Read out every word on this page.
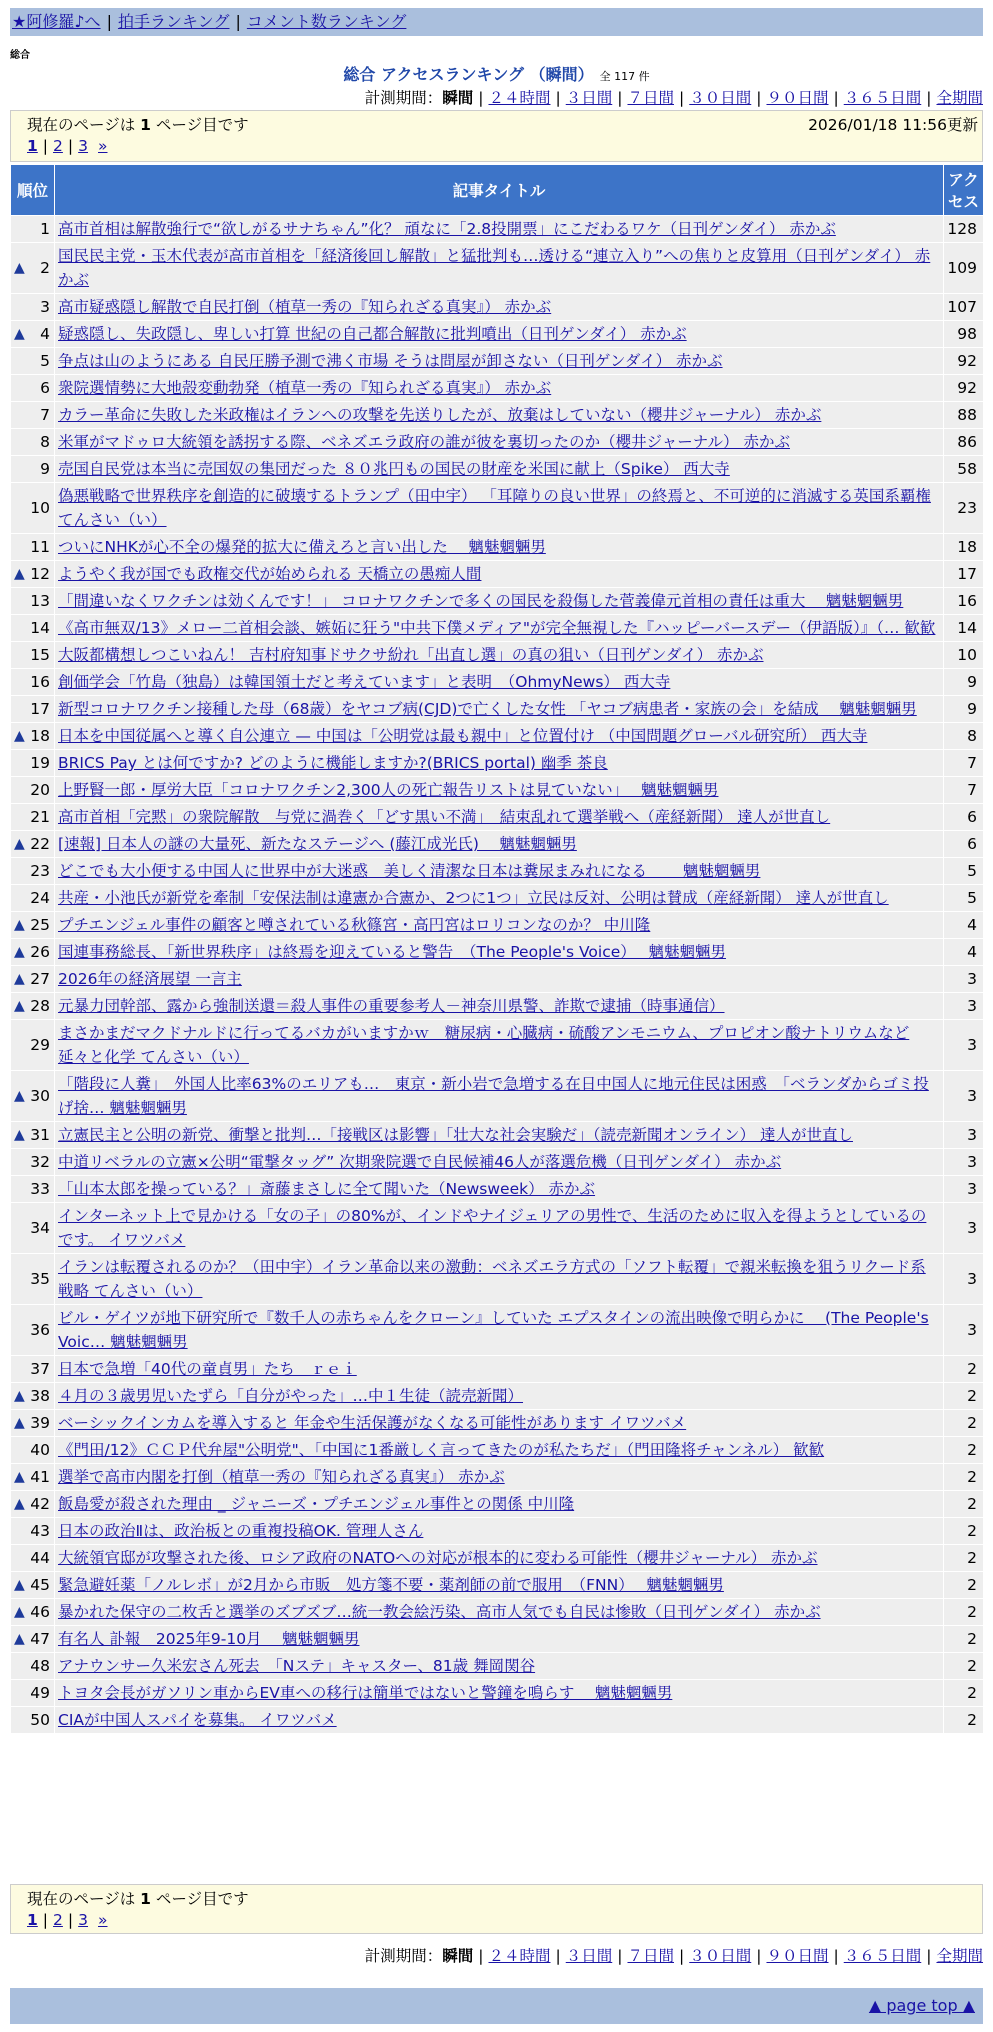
★阿修羅♪へ | 拍手ランキング | コメント数ランキング
総合
総合 アクセスランキング （瞬間） 全 117 件
計測期間：瞬間 | ２４時間 | ３日間 | ７日間 | ３０日間 | ９０日間 | ３６５日間 | 全期間
現在のページは 1 ページ目です	2026/01/18 11:56更新
1 | 2 | 3 »
順位	記事タイトル	アクセス
1	高市首相は解散強行で“欲しがるサナちゃん”化？ 頑なに「2.8投開票」にこだわるワケ（日刊ゲンダイ） 赤かぶ	128

▲ 2	国民民主党・玉木代表が高市首相を「経済後回し解散」と猛批判も…透ける“連立入り”への焦りと皮算用（日刊ゲンダイ） 赤かぶ	109
3	高市疑惑隠し解散で自民打倒（植草一秀の『知られざる真実』） 赤かぶ	107

▲ 4	疑惑隠し、失政隠し、卑しい打算 世紀の自己都合解散に批判噴出（日刊ゲンダイ） 赤かぶ	98
5	争点は山のようにある 自民圧勝予測で沸く市場 そうは問屋が卸さない（日刊ゲンダイ） 赤かぶ	92
6	衆院選情勢に大地殻変動勃発（植草一秀の『知られざる真実』） 赤かぶ	92
7	カラー革命に失敗した米政権はイランへの攻撃を先送りしたが、放棄はしていない（櫻井ジャーナル） 赤かぶ	88
8	米軍がマドゥロ大統領を誘拐する際、ベネズエラ政府の誰が彼を裏切ったのか（櫻井ジャーナル） 赤かぶ	86
9	売国自民党は本当に売国奴の集団だった ８０兆円もの国民の財産を米国に献上（Spike） 西大寺	58
10	偽悪戦略で世界秩序を創造的に破壊するトランプ（田中宇） 「耳障りの良い世界」の終焉と、不可逆的に消滅する英国系覇権 てんさい（い）	23
11	ついにNHKが心不全の爆発的拡大に備えろと言い出した　 魑魅魍魎男	18

▲ 12	ようやく我が国でも政権交代が始められる 天橋立の愚痴人間	17
13	「間違いなくワクチンは効くんです！」 コロナワクチンで多くの国民を殺傷した菅義偉元首相の責任は重大　 魑魅魍魎男	16
14	《高市無双/13》メロー二首相会談、嫉妬に狂う"中共下僕メディア"が完全無視した『ハッピーバースデー（伊語版）』（… 歓歓	14
15	大阪都構想しつこいねん！ 吉村府知事ドサクサ紛れ「出直し選」の真の狙い（日刊ゲンダイ） 赤かぶ	10
16	創価学会「竹島（独島）は韓国領土だと考えています」と表明　（OhmyNews） 西大寺	9
17	新型コロナワクチン接種した母（68歳）をヤコブ病(CJD)で亡くした女性 「ヤコブ病患者・家族の会」を結成　 魑魅魍魎男	9

▲ 18	日本を中国従属へと導く自公連立 — 中国は「公明党は最も親中」と位置付け （中国問題グローバル研究所） 西大寺	8
19	BRICS Pay とは何ですか? どのように機能しますか?(BRICS portal) 幽季 茶良	7
20	上野賢一郎・厚労大臣「コロナワクチン2,300人の死亡報告リストは見ていない」　 魑魅魍魎男	7
21	高市首相「完黙」の衆院解散　与党に渦巻く「どす黒い不満」　結束乱れて選挙戦へ（産経新聞） 達人が世直し	6

▲ 22	[速報] 日本人の謎の大量死、新たなステージへ (藤江成光氏)　 魑魅魍魎男	6
23	どこでも大小便する中国人に世界中が大迷惑　美しく清潔な日本は糞尿まみれになる　　 魑魅魍魎男	5
24	共産・小池氏が新党を牽制「安保法制は違憲か合憲か、2つに1つ」立民は反対、公明は賛成（産経新聞） 達人が世直し	5

▲ 25	プチエンジェル事件の顧客と噂されている秋篠宮・高円宮はロリコンなのか？ 中川隆	4

▲ 26	国連事務総長、「新世界秩序」は終焉を迎えていると警告　（The People's Voice）　 魑魅魍魎男	4

▲ 27	2026年の経済展望 一言主	3

▲ 28	元暴力団幹部、露から強制送還＝殺人事件の重要参考人－神奈川県警、詐欺で逮捕（時事通信）	3
29	まさかまだマクドナルドに行ってるバカがいますかｗ　糖尿病・心臓病・硫酸アンモニウム、プロピオン酸ナトリウムなど延々と化学 てんさい（い）	3

▲ 30	「階段に人糞」　外国人比率63%のエリアも…　東京・新小岩で急増する在日中国人に地元住民は困惑　「ベランダからゴミ投げ捨… 魑魅魍魎男	3

▲ 31	立憲民主と公明の新党、衝撃と批判…「接戦区は影響」「壮大な社会実験だ」（読売新聞オンライン） 達人が世直し	3
32	中道リベラルの立憲×公明“電撃タッグ” 次期衆院選で自民候補46人が落選危機（日刊ゲンダイ） 赤かぶ	3
33	「山本太郎を操っている？」斎藤まさしに全て聞いた（Newsweek） 赤かぶ	3
34	インターネット上で見かける「女の子」の80%が、インドやナイジェリアの男性で、生活のために収入を得ようとしているのです。 イワツバメ	3
35	イランは転覆されるのか？（田中宇）イラン革命以来の激動：ベネズエラ方式の「ソフト転覆」で親米転換を狙うリクード系戦略 てんさい（い）	3
36	ビル・ゲイツが地下研究所で『数千人の赤ちゃんをクローン』していた エプスタインの流出映像で明らかに　 (The People's Voic… 魑魅魍魎男	3
37	日本で急増「40代の童貞男」たち　ｒｅｉ	2

▲ 38	４月の３歳男児いたずら「自分がやった」…中１生徒（読売新聞）	2

▲ 39	ベーシックインカムを導入すると 年金や生活保護がなくなる可能性があります イワツバメ	2
40	《門田/12》ＣＣＰ代弁屋"公明党"、「中国に1番厳しく言ってきたのが私たちだ」（門田隆将チャンネル） 歓歓	2

▲ 41	選挙で高市内閣を打倒（植草一秀の『知られざる真実』） 赤かぶ	2

▲ 42	飯島愛が殺された理由 _ ジャニーズ・プチエンジェル事件との関係 中川隆	2
43	日本の政治Ⅱは、政治板との重複投稿OK. 管理人さん	2
44	大統領官邸が攻撃された後、ロシア政府のNATOへの対応が根本的に変わる可能性（櫻井ジャーナル） 赤かぶ	2

▲ 45	緊急避妊薬「ノルレボ」が2月から市販　処方箋不要・薬剤師の前で服用　（FNN）　 魑魅魍魎男	2

▲ 46	暴かれた保守の二枚舌と選挙のズブズブ…統一教会絵汚染、高市人気でも自民は惨敗（日刊ゲンダイ） 赤かぶ	2

▲ 47	有名人 訃報　2025年9-10月　 魑魅魍魎男	2
48	アナウンサー久米宏さん死去　「Nステ」キャスター、81歳 舞岡関谷	2
49	トヨタ会長がガソリン車からEV車への移行は簡単ではないと警鐘を鳴らす　 魑魅魍魎男	2
50	CIAが中国人スパイを募集。 イワツバメ	2
現在のページは 1 ページ目です
1 | 2 | 3 »
計測期間：瞬間 | ２４時間 | ３日間 | ７日間 | ３０日間 | ９０日間 | ３６５日間 | 全期間
▲ page top ▲
